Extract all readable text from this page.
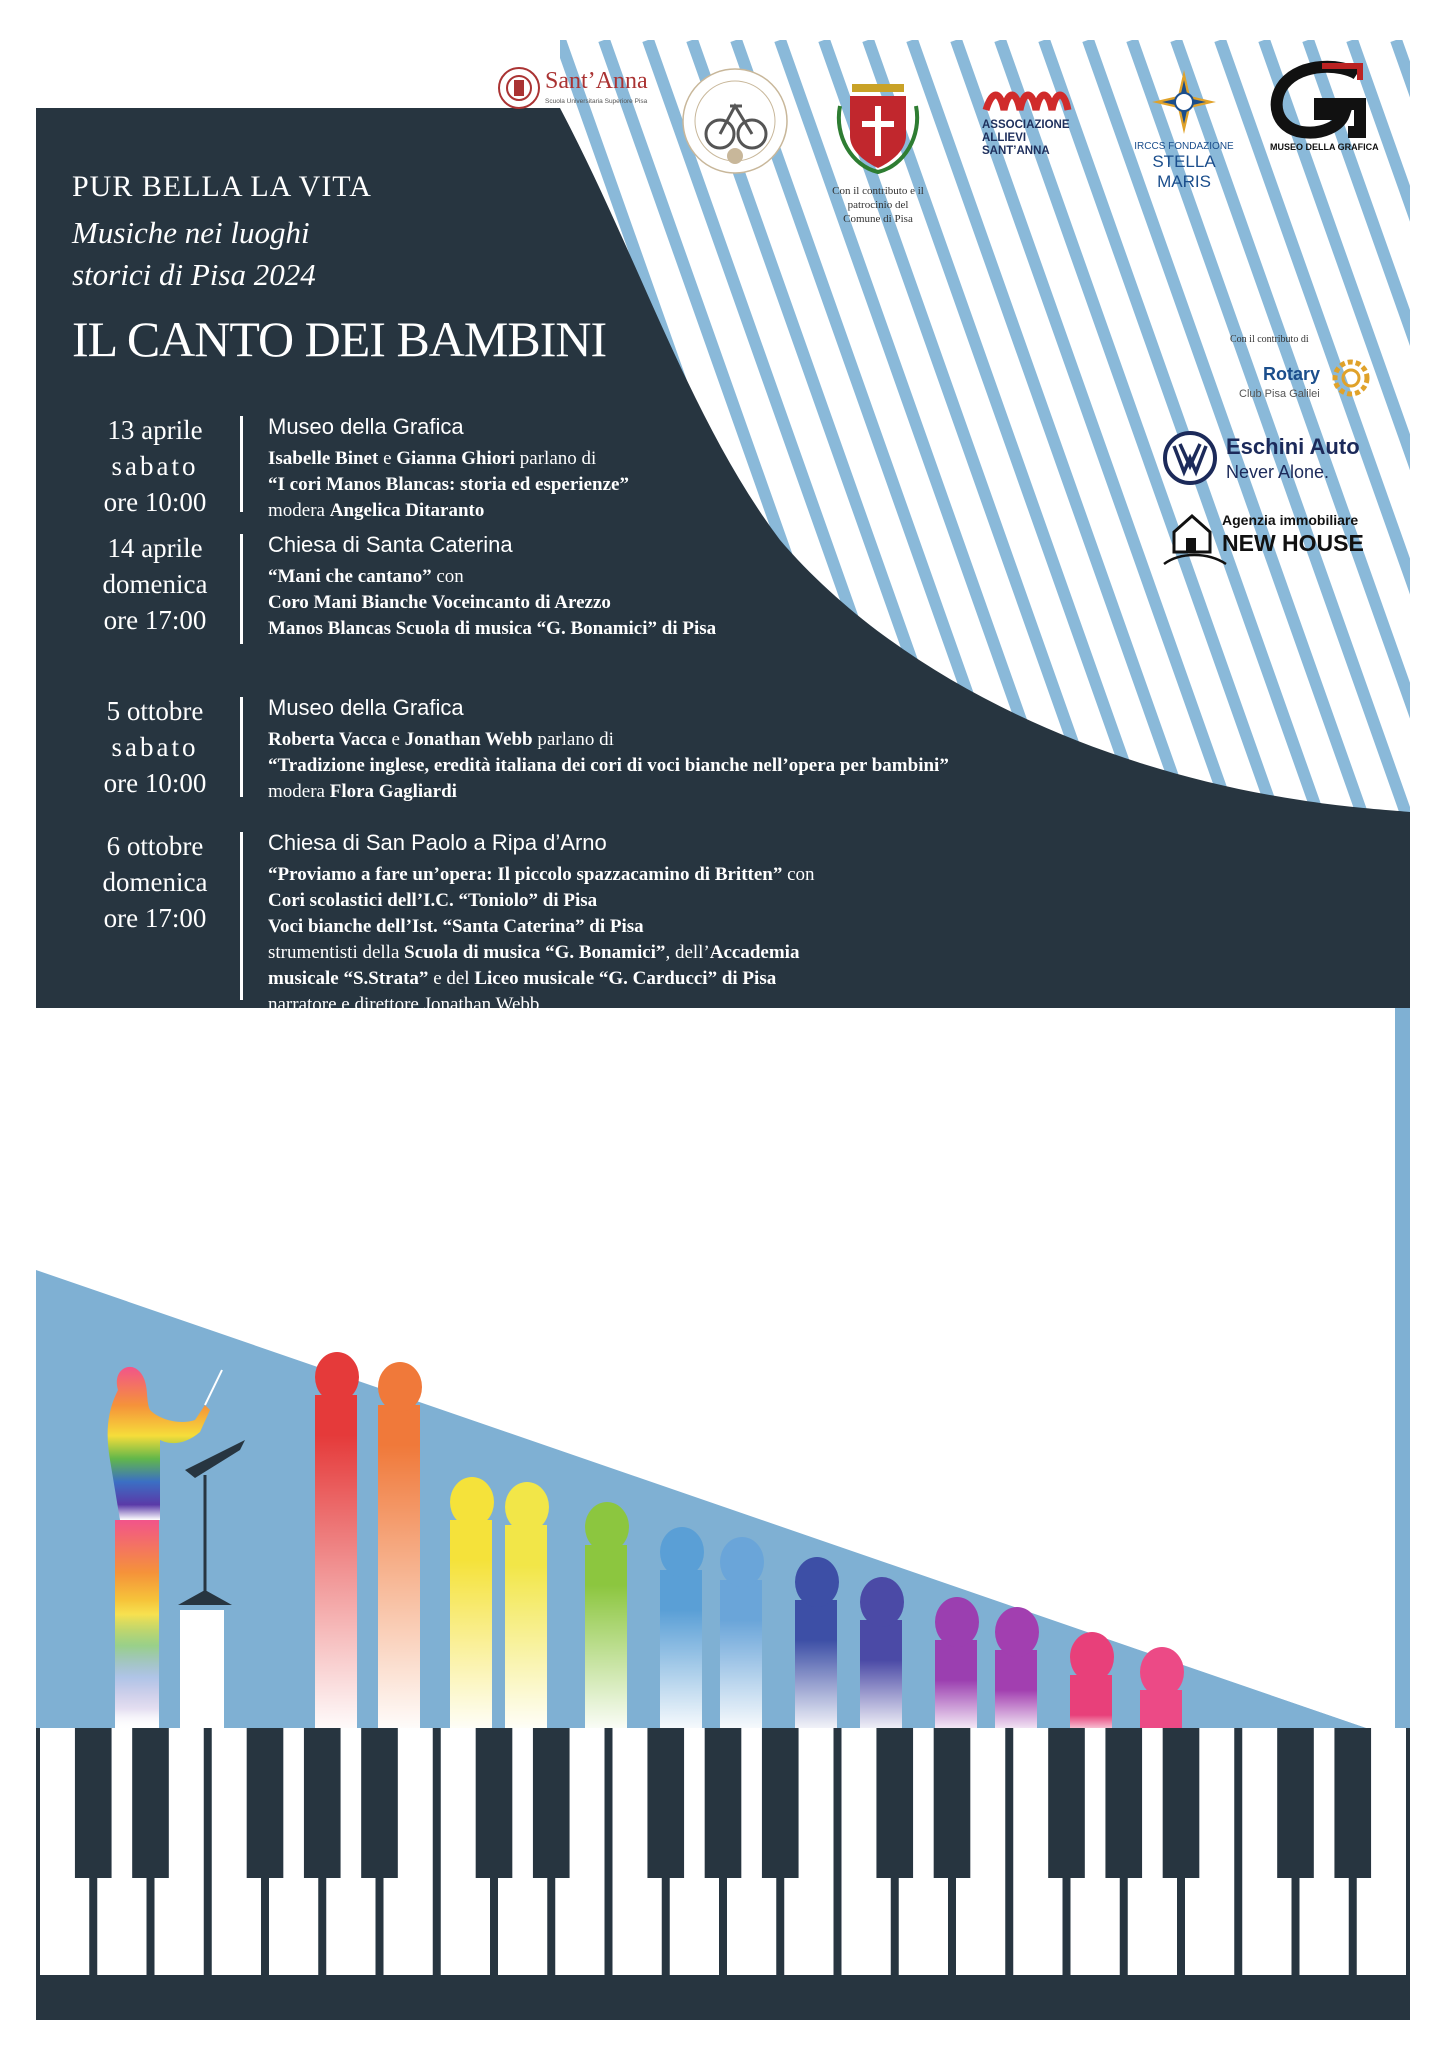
Sant’Anna
Scuola Universitaria Superiore Pisa
Con il contributo e il
patrocinio del
Comune di Pisa
ASSOCIAZIONE
ALLIEVI
SANT’ANNA	IRCCS FONDAZIONE
STELLA MARIS
MUSEO DELLA GRAFICA
Con il contributo di
Rotary
Club Pisa Galilei
Eschini Auto
Never Alone.
Agenzia immobiliare
NEW HOUSE
PUR BELLA LA VITA
Musiche nei luoghi
storici di Pisa 2024
IL CANTO DEI BAMBINI
13 aprile
sabato
ore 10:00
Museo della Grafica
Isabelle Binet e Gianna Ghiori parlano di
“I cori Manos Blancas: storia ed esperienze”
modera Angelica Ditaranto
14 aprile
domenica
ore 17:00
Chiesa di Santa Caterina
“Mani che cantano” con
Coro Mani Bianche Voceincanto di Arezzo
Manos Blancas Scuola di musica “G. Bonamici” di Pisa
5 ottobre
sabato
ore 10:00
Museo della Grafica
Roberta Vacca e Jonathan Webb parlano di
“Tradizione inglese, eredità italiana dei cori di voci bianche nell’opera per bambini”
modera Flora Gagliardi
6 ottobre
domenica
ore 17:00
Chiesa di San Paolo a Ripa d’Arno
“Proviamo a fare un’opera: Il piccolo spazzacamino di Britten” con
Cori scolastici dell’I.C. “Toniolo” di Pisa
Voci bianche dell’Ist. “Santa Caterina” di Pisa
strumentisti della Scuola di musica “G. Bonamici”, dell’Accademia
musicale “S.Strata” e del Liceo musicale “G. Carducci” di Pisa
narratore e direttore Jonathan Webb
16 novembre
sabato
ore 17:00
Museo della Grafica
Alberto Batisti parla de “Il mondo dei bambini nell’opera di Giacomo Puccini”
17 novembre
domenica
ore 17:00
Chiesa di San Michele degli Scalzi
“Giochi e storie di piccole e grandi voci in Puccini” con
Coro di Voci Bianche della Scuola di musica “G. Bonamici” di Pisa
diretto da Angelica Ditaranto
soprano Roberta Salvati
pianisti Glenda Poggianti e Claudio Proietti
“Il canto dei bambini” è dedicato
all’IRCCS Fondazione Stella Maris di Pisa
e finalizzato alla raccolta fondi in suo sostegno.
Ingresso libero su prenotazione
email: purbellalavita@gmail.com
